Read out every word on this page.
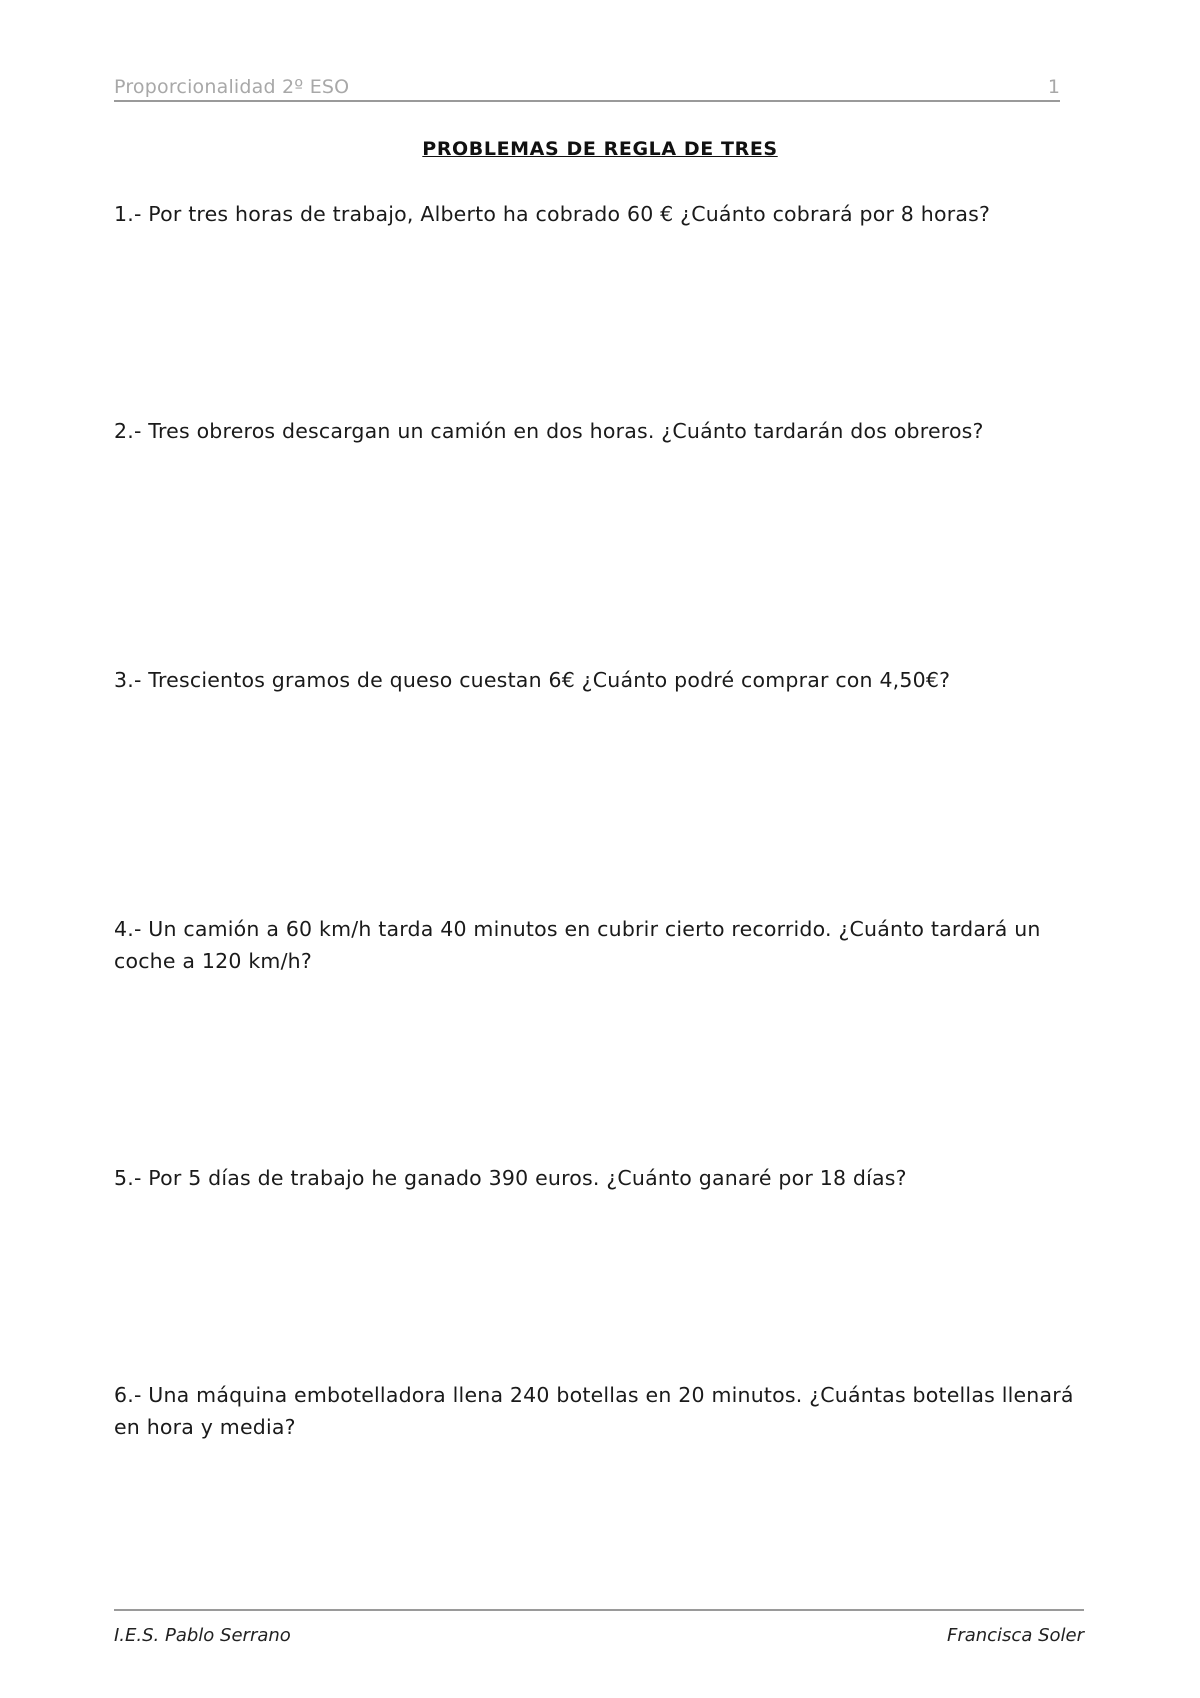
Proporcionalidad 2º ESO	1
PROBLEMAS DE REGLA DE TRES
1.- Por tres horas de trabajo, Alberto ha cobrado 60 € ¿Cuánto cobrará por 8 horas?
2.- Tres obreros descargan un camión en dos horas. ¿Cuánto tardarán dos obreros?
3.- Trescientos gramos de queso cuestan 6€ ¿Cuánto podré comprar con 4,50€?
4.- Un camión a 60 km/h tarda 40 minutos en cubrir cierto recorrido. ¿Cuánto tardará un coche a 120 km/h?
5.- Por 5 días de trabajo he ganado 390 euros. ¿Cuánto ganaré por 18 días?
6.- Una máquina embotelladora llena 240 botellas en 20 minutos. ¿Cuántas botellas llenará en hora y media?
I.E.S. Pablo Serrano	Francisca Soler
